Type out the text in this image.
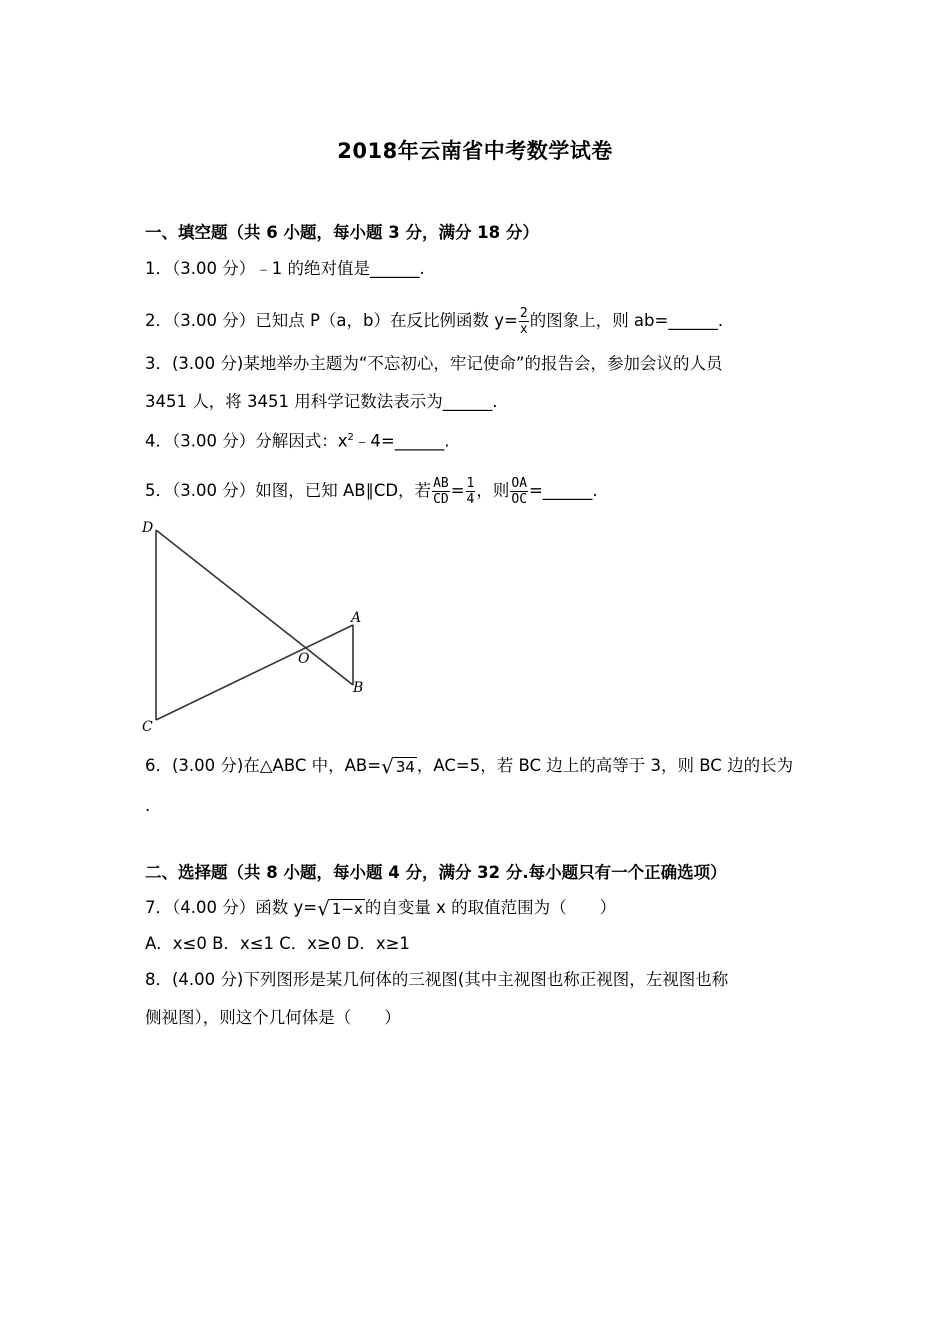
2018年云南省中考数学试卷
一、填空题（共 6 小题，每小题 3 分，满分 18 分）
1．（3.00 分）﹣1 的绝对值是______.
2．（3.00 分）已知点 P（a，b）在反比例函数 $y= \frac{2}{x}$ 的图象上，则 ab=______.
3．(3.00 分)某地举办主题为“不忘初心，牢记使命”的报告会，参加会议的人员
3451 人，将 3451 用科学记数法表示为______.
4．（3.00 分）分解因式：$x^2﹣4=\_\_\_\_\_\_$.
5．（3.00 分）如图，已知 AB∥CD，若 $\frac{AB}{CD} = \frac{1}{4}$ ，则 $\frac{OA}{OC}$ =______.
D
C
A
B
O
6．(3.00 分)在△ABC 中，AB=√ 34 ，AC=5，若 BC 边上的高等于 3，则 BC 边的长为
.
二、选择题（共 8 小题，每小题 4 分，满分 32 分.每小题只有一个正确选项）
7．（4.00 分）函数 y=√ 1−x 的自变量 x 的取值范围为（　　）
A．x≤0 B．x≤1 C．x≥0 D．x≥1
8．(4.00 分)下列图形是某几何体的三视图(其中主视图也称正视图，左视图也称
侧视图），则这个几何体是（　　）
